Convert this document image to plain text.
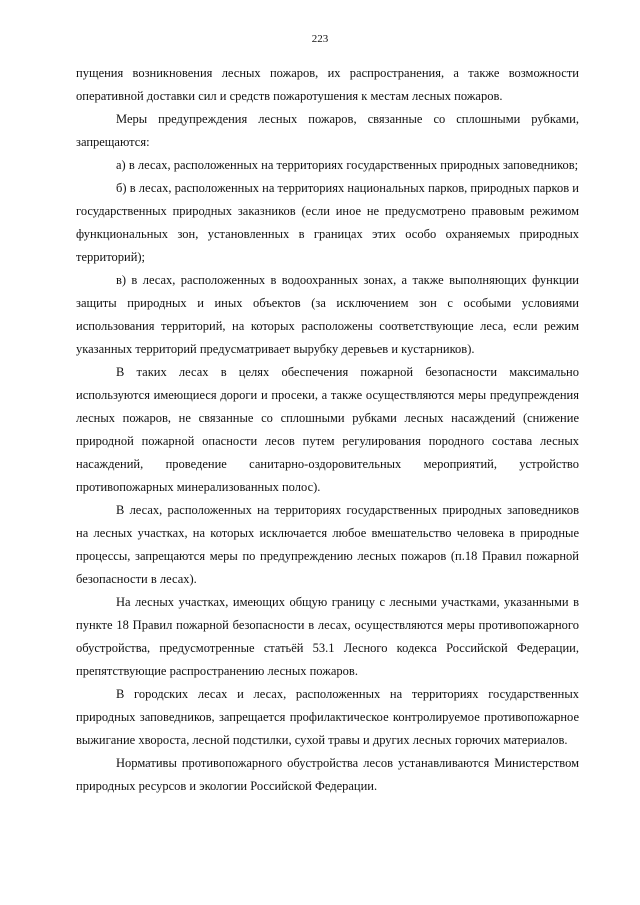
223

пущения возникновения лесных пожаров, их распространения, а также возможности оперативной доставки сил и средств пожаротушения к местам лесных пожаров.

Меры предупреждения лесных пожаров, связанные со сплошными рубками, запрещаются:

а) в лесах, расположенных на территориях государственных природных заповедников;

б) в лесах, расположенных на территориях национальных парков, природных парков и государственных природных заказников (если иное не предусмотрено правовым режимом функциональных зон, установленных в границах этих особо охраняемых природных территорий);

в) в лесах, расположенных в водоохранных зонах, а также выполняющих функции защиты природных и иных объектов (за исключением зон с особыми условиями использования территорий, на которых расположены соответствующие леса, если режим указанных территорий предусматривает вырубку деревьев и кустарников).

В таких лесах в целях обеспечения пожарной безопасности максимально используются имеющиеся дороги и просеки, а также осуществляются меры предупреждения лесных пожаров, не связанные со сплошными рубками лесных насаждений (снижение природной пожарной опасности лесов путем регулирования породного состава лесных насаждений, проведение санитарно-оздоровительных мероприятий, устройство противопожарных минерализованных полос).

В лесах, расположенных на территориях государственных природных заповедников на лесных участках, на которых исключается любое вмешательство человека в природные процессы, запрещаются меры по предупреждению лесных пожаров (п.18 Правил пожарной безопасности в лесах).

На лесных участках, имеющих общую границу с лесными участками, указанными в пункте 18 Правил пожарной безопасности в лесах, осуществляются меры противопожарного обустройства, предусмотренные статьёй 53.1 Лесного кодекса Российской Федерации, препятствующие распространению лесных пожаров.

В городских лесах и лесах, расположенных на территориях государственных природных заповедников, запрещается профилактическое контролируемое противопожарное выжигание хвороста, лесной подстилки, сухой травы и других лесных горючих материалов.

Нормативы противопожарного обустройства лесов устанавливаются Министерством природных ресурсов и экологии Российской Федерации.
